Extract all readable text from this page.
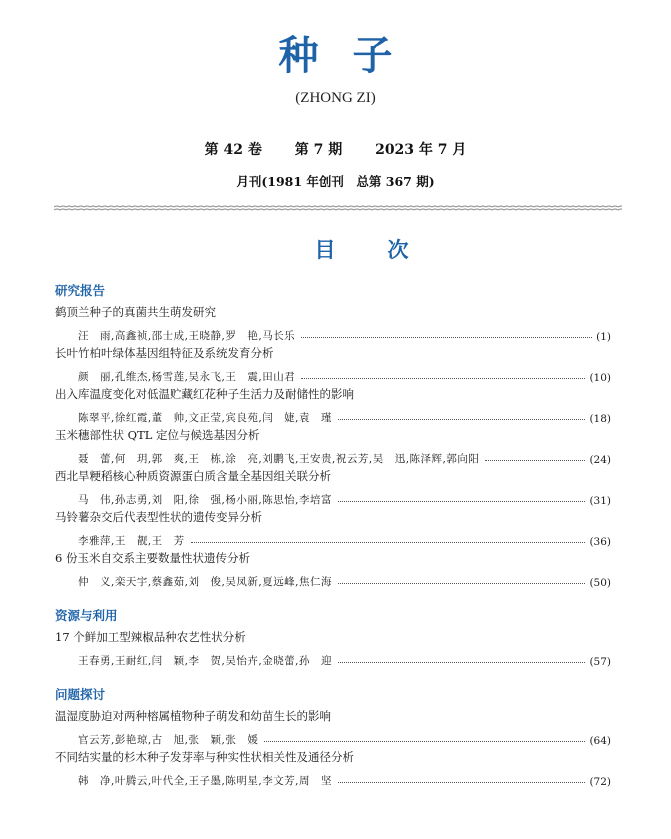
种子
(ZHONG ZI)
第 42 卷 第 7 期 2023 年 7 月
月刊(1981 年创刊　总第 367 期)
目次
研究报告
鹤顶兰种子的真菌共生萌发研究
汪　雨,高鑫祯,邵士成,王晓静,罗　艳,马长乐	(1)
长叶竹柏叶绿体基因组特征及系统发育分析
颜　丽,孔维杰,杨雪莲,吴永飞,王　震,田山君	(10)
出入库温度变化对低温贮藏红花种子生活力及耐储性的影响
陈翠平,徐红霞,董　帅,文正莹,宾良苑,闫　婕,袁　瑾	(18)
玉米穗部性状 QTL 定位与候选基因分析
聂　蕾,何　玥,郭　爽,王　栋,涂　亮,刘鹏飞,王安贵,祝云芳,吴　迅,陈泽辉,郭向阳	(24)
西北旱粳稻核心种质资源蛋白质含量全基因组关联分析
马　伟,孙志勇,刘　阳,徐　强,杨小丽,陈思怡,李培富	(31)
马铃薯杂交后代表型性状的遗传变异分析
李雅萍,王　靓,王　芳	(36)
6 份玉米自交系主要数量性状遗传分析
仲　义,栾天宇,蔡鑫茹,刘　俊,吴凤新,夏远峰,焦仁海	(50)
资源与利用
17 个鲜加工型辣椒品种农艺性状分析
王春勇,王耐红,闫　颖,李　贺,吴怡卉,金晓蕾,孙　迎	(57)
问题探讨
温湿度胁迫对两种榕属植物种子萌发和幼苗生长的影响
官云芳,彭艳琼,古　旭,张　颖,张　媛	(64)
不同结实量的杉木种子发芽率与种实性状相关性及通径分析
韩　净,叶腾云,叶代全,王子墨,陈明星,李文芳,周　坚	(72)
